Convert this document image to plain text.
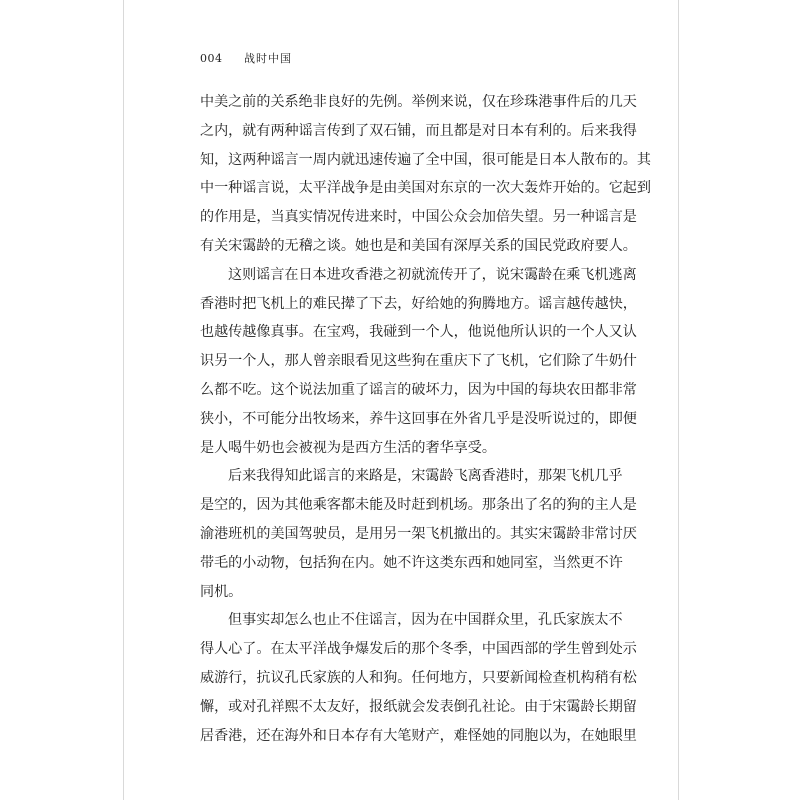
004 战时中国
中美之前的关系绝非良好的先例。举例来说，仅在珍珠港事件后的几天
之内，就有两种谣言传到了双石铺，而且都是对日本有利的。后来我得
知，这两种谣言一周内就迅速传遍了全中国，很可能是日本人散布的。其
中一种谣言说，太平洋战争是由美国对东京的一次大轰炸开始的。它起到
的作用是，当真实情况传进来时，中国公众会加倍失望。另一种谣言是
有关宋霭龄的无稽之谈。她也是和美国有深厚关系的国民党政府要人。
这则谣言在日本进攻香港之初就流传开了，说宋霭龄在乘飞机逃离
香港时把飞机上的难民撵了下去，好给她的狗腾地方。谣言越传越快，
也越传越像真事。在宝鸡，我碰到一个人，他说他所认识的一个人又认
识另一个人，那人曾亲眼看见这些狗在重庆下了飞机，它们除了牛奶什
么都不吃。这个说法加重了谣言的破坏力，因为中国的每块农田都非常
狭小，不可能分出牧场来，养牛这回事在外省几乎是没听说过的，即便
是人喝牛奶也会被视为是西方生活的奢华享受。
后来我得知此谣言的来路是，宋霭龄飞离香港时，那架飞机几乎
是空的，因为其他乘客都未能及时赶到机场。那条出了名的狗的主人是
渝港班机的美国驾驶员，是用另一架飞机撤出的。其实宋霭龄非常讨厌
带毛的小动物，包括狗在内。她不许这类东西和她同室，当然更不许
同机。
但事实却怎么也止不住谣言，因为在中国群众里，孔氏家族太不
得人心了。在太平洋战争爆发后的那个冬季，中国西部的学生曾到处示
威游行，抗议孔氏家族的人和狗。任何地方，只要新闻检查机构稍有松
懈，或对孔祥熙不太友好，报纸就会发表倒孔社论。由于宋霭龄长期留
居香港，还在海外和日本存有大笔财产，难怪她的同胞以为，在她眼里
